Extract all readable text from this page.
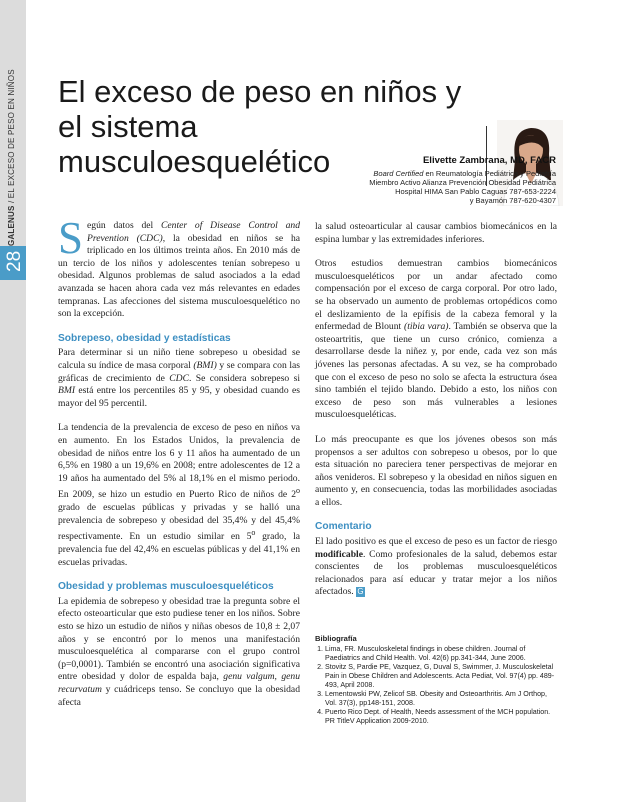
GALENUS / EL EXCESO DE PESO EN NIÑOS
28
El exceso de peso en niños y el sistema musculoesquelético	Elivette Zambrana, MD, FACR
Board Certified en Reumatología Pediátrica y Pediatría
Miembro Activo Alianza Prevención Obesidad Pediátrica
Hospital HIMA San Pablo Caguas 787-653-2224
y Bayamón 787-620-4307

Según datos del Center of Disease Control and Prevention (CDC), la obesidad en niños se ha triplicado en los últimos treinta años. En 2010 más de un tercio de los niños y adolescentes tenían sobrepeso u obesidad. Algunos problemas de salud asociados a la edad avanzada se hacen ahora cada vez más relevantes en edades tempranas. Las afecciones del sistema musculoesquelético no son la excepción.

Sobrepeso, obesidad y estadísticas

Para determinar si un niño tiene sobrepeso u obesidad se calcula su índice de masa corporal (BMI) y se compara con las gráficas de crecimiento de CDC. Se considera sobrepeso si BMI está entre los percentiles 85 y 95, y obesidad cuando es mayor del 95 percentil.

La tendencia de la prevalencia de exceso de peso en niños va en aumento. En los Estados Unidos, la prevalencia de obesidad de niños entre los 6 y 11 años ha aumentado de un 6,5% en 1980 a un 19,6% en 2008; entre adolescentes de 12 a 19 años ha aumentado del 5% al 18,1% en el mismo periodo. En 2009, se hizo un estudio en Puerto Rico de niños de 2$^o$ grado de escuelas públicas y privadas y se halló una prevalencia de sobrepeso y obesidad del 35,4% y del 45,4% respectivamente. En un estudio similar en 5$^o$ grado, la prevalencia fue del 42,4% en escuelas públicas y del 41,1% en escuelas privadas.

Obesidad y problemas musculoesqueléticos

La epidemia de sobrepeso y obesidad trae la pregunta sobre el efecto osteoarticular que esto pudiese tener en los niños. Sobre esto se hizo un estudio de niños y niñas obesos de 10,8 ± 2,07 años y se encontró por lo menos una manifestación musculoesquelética al compararse con el grupo control (p=0,0001). También se encontró una asociación significativa entre obesidad y dolor de espalda baja, genu valgum, genu recurvatum y cuádriceps tenso. Se concluyo que la obesidad afecta

la salud osteoarticular al causar cambios biomecánicos en la espina lumbar y las extremidades inferiores.

Otros estudios demuestran cambios biomecánicos musculoesqueléticos por un andar afectado como compensación por el exceso de carga corporal. Por otro lado, se ha observado un aumento de problemas ortopédicos como el deslizamiento de la epífisis de la cabeza femoral y la enfermedad de Blount (tibia vara). También se observa que la osteoartritis, que tiene un curso crónico, comienza a desarrollarse desde la niñez y, por ende, cada vez son más jóvenes las personas afectadas. A su vez, se ha comprobado que con el exceso de peso no solo se afecta la estructura ósea sino también el tejido blando. Debido a esto, los niños con exceso de peso son más vulnerables a lesiones musculoesqueléticas.

Lo más preocupante es que los jóvenes obesos son más propensos a ser adultos con sobrepeso u obesos, por lo que esta situación no pareciera tener perspectivas de mejorar en años venideros. El sobrepeso y la obesidad en niños siguen en aumento y, en consecuencia, todas las morbilidades asociadas a ellos.

Comentario

El lado positivo es que el exceso de peso es un factor de riesgo modificable. Como profesionales de la salud, debemos estar conscientes de los problemas musculoesqueléticos relacionados para así educar y tratar mejor a los niños afectados. G

Bibliografía
1. Lima, FR. Musculoskeletal findings in obese children. Journal of Paediatrics and Child Health. Vol. 42(6) pp.341-344, June 2006.
2. Stovitz S, Pardie PE, Vazquez, G, Duval S, Swimmer, J. Musculoskeletal Pain in Obese Children and Adolescents. Acta Pediat, Vol. 97(4) pp. 489-493, April 2008.
3. Lementowski PW, Zelicof SB. Obesity and Osteoarthritis. Am J Orthop, Vol. 37(3), pp148-151, 2008.
4. Puerto Rico Dept. of Health, Needs assessment of the MCH population. PR TitleV Application 2009-2010.
